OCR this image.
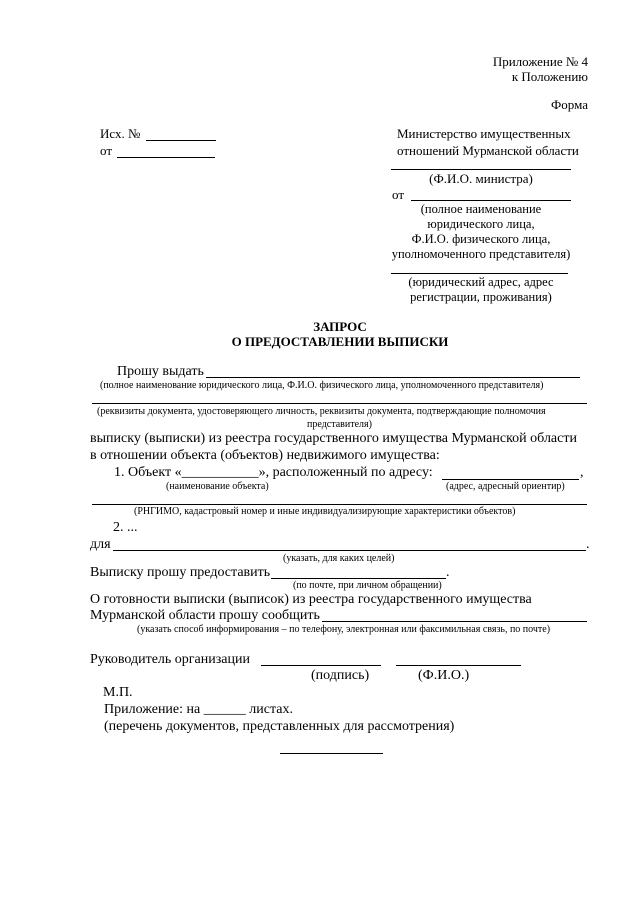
Приложение № 4
к Положению
Форма
Исх. №
от
Министерство имущественных
отношений Мурманской области
(Ф.И.О. министра)
от
(полное наименование
юридического лица,
Ф.И.О. физического лица,
уполномоченного представителя)
(юридический адрес, адрес
регистрации, проживания)
ЗАПРОС
О ПРЕДОСТАВЛЕНИИ ВЫПИСКИ
Прошу выдать
(полное наименование юридического лица, Ф.И.О. физического лица, уполномоченного представителя)
(реквизиты документа, удостоверяющего личность, реквизиты документа, подтверждающие полномочия
представителя)
выписку (выписки) из реестра государственного имущества Мурманской области
в отношении объекта (объектов) недвижимого имущества:
1. Объект «___________», расположенный по адресу:	,
(наименование объекта)	(адрес, адресный ориентир)
(РНГИМО, кадастровый номер и иные индивидуализирующие характеристики объектов)
2. ...
для	.
(указать, для каких целей)
Выписку прошу предоставить	.
(по почте, при личном обращении)
О готовности выписки (выписок) из реестра государственного имущества
Мурманской области прошу сообщить
(указать способ информирования – по телефону, электронная или факсимильная связь, по почте)
Руководитель организации
(подпись)	(Ф.И.О.)
М.П.
Приложение: на ______ листах.
(перечень документов, представленных для рассмотрения)
